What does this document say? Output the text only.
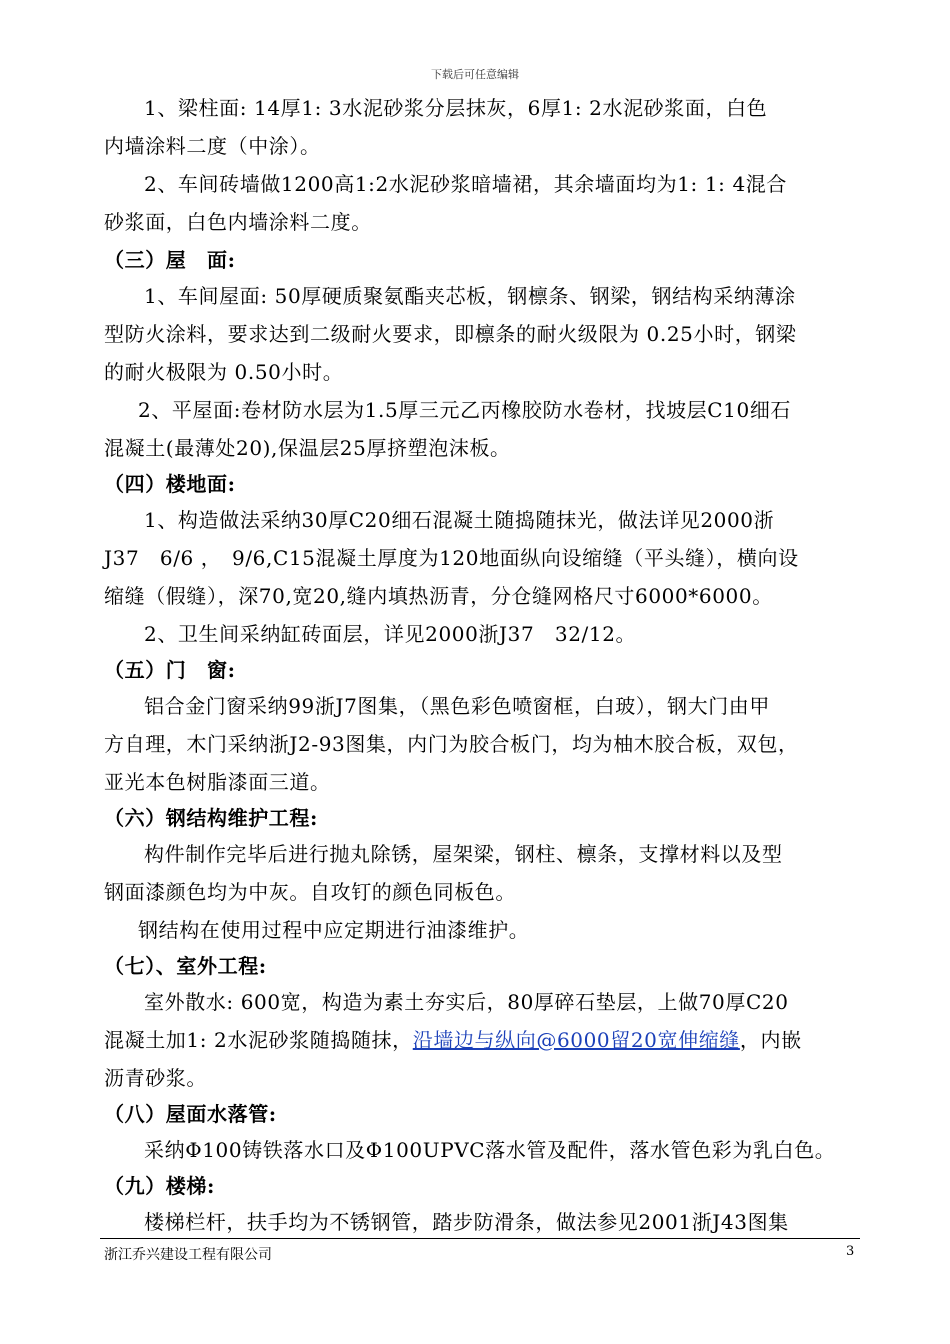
下载后可任意编辑
1、梁柱面: 14厚1: 3水泥砂浆分层抹灰，6厚1: 2水泥砂浆面，白色
内墙涂料二度（中涂）。
2、车间砖墙做1200高1:2水泥砂浆暗墙裙，其余墙面均为1: 1: 4混合
砂浆面，白色内墙涂料二度。
（三）屋　面:
1、车间屋面: 50厚硬质聚氨酯夹芯板，钢檩条、钢梁，钢结构采纳薄涂
型防火涂料，要求达到二级耐火要求，即檩条的耐火级限为 0.25小时，钢梁
的耐火极限为 0.50小时。
2、平屋面:卷材防水层为1.5厚三元乙丙橡胶防水卷材，找坡层C10细石
混凝土(最薄处20),保温层25厚挤塑泡沫板。
（四）楼地面:
1、构造做法采纳30厚C20细石混凝土随捣随抹光，做法详见2000浙
J37　6/6 ，　9/6,C15混凝土厚度为120地面纵向设缩缝（平头缝），横向设
缩缝（假缝），深70,宽20,缝内填热沥青，分仓缝网格尺寸6000*6000。
2、卫生间采纳缸砖面层，详见2000浙J37　32/12。
（五）门　窗:
铝合金门窗采纳99浙J7图集，（黑色彩色喷窗框，白玻），钢大门由甲
方自理，木门采纳浙J2-93图集，内门为胶合板门，均为柚木胶合板，双包，
亚光本色树脂漆面三道。
（六）钢结构维护工程:
构件制作完毕后进行抛丸除锈，屋架梁，钢柱、檩条，支撑材料以及型
钢面漆颜色均为中灰。自攻钉的颜色同板色。
钢结构在使用过程中应定期进行油漆维护。
（七）、室外工程:
室外散水: 600宽，构造为素土夯实后，80厚碎石垫层，上做70厚C20
混凝土加1: 2水泥砂浆随捣随抹，沿墙边与纵向@6000留20宽伸缩缝，内嵌
沥青砂浆。
（八）屋面水落管:
采纳Φ100铸铁落水口及Φ100UPVC落水管及配件，落水管色彩为乳白色。
（九）楼梯:
楼梯栏杆，扶手均为不锈钢管，踏步防滑条，做法参见2001浙J43图集
浙江乔兴建设工程有限公司	3
